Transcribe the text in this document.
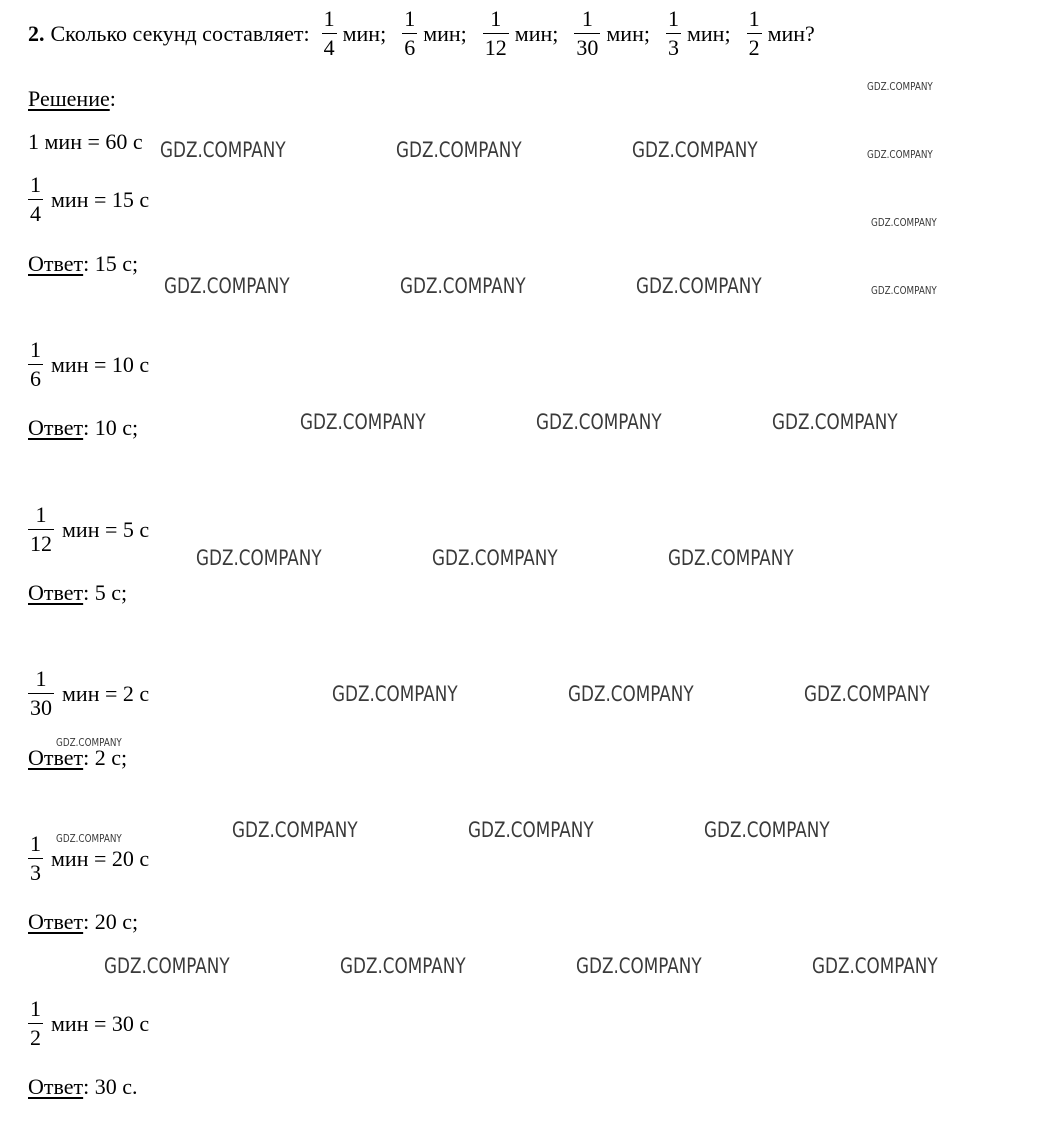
2. Сколько секунд составляет: $\frac{1}{4}$ мин ; $\frac{1}{6}$ мин ; $\frac{1}{12}$ мин ; $\frac{1}{30}$ мин ; $\frac{1}{3}$ мин ; $\frac{1}{2}$ мин ?
Решение:
1 мин = 60 с
$\frac{1}{4}$ мин = 15 с
Ответ: 15 с;
$\frac{1}{6}$ мин = 10 с
Ответ: 10 с;
$\frac{1}{12}$ мин = 5 с
Ответ: 5 с;
$\frac{1}{30}$ мин = 2 с
Ответ: 2 с;
$\frac{1}{3}$ мин = 20 с
Ответ: 20 с;
$\frac{1}{2}$ мин = 30 с
Ответ: 30 с.
GDZ.COMPANY
GDZ.COMPANY	GDZ.COMPANY	GDZ.COMPANY	GDZ.COMPANY
GDZ.COMPANY
GDZ.COMPANY	GDZ.COMPANY	GDZ.COMPANY	GDZ.COMPANY
GDZ.COMPANY	GDZ.COMPANY	GDZ.COMPANY
GDZ.COMPANY	GDZ.COMPANY	GDZ.COMPANY
GDZ.COMPANY	GDZ.COMPANY	GDZ.COMPANY
GDZ.COMPANY
GDZ.COMPANY	GDZ.COMPANY	GDZ.COMPANY
GDZ.COMPANY
GDZ.COMPANY	GDZ.COMPANY	GDZ.COMPANY	GDZ.COMPANY
